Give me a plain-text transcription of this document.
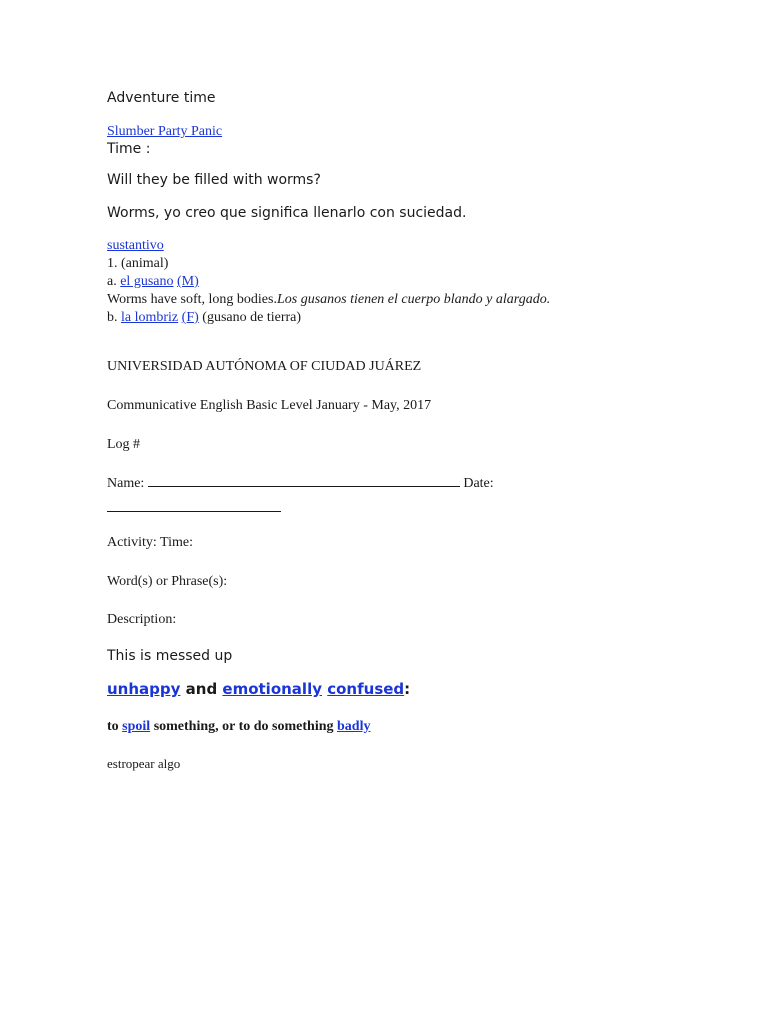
Adventure time
Slumber Party Panic
Time :
Will they be filled with worms?
Worms, yo creo que significa llenarlo con suciedad.
sustantivo
1. (animal)
a. el gusano (M)
Worms have soft, long bodies.Los gusanos tienen el cuerpo blando y alargado.
b. la lombriz (F) (gusano de tierra)
UNIVERSIDAD AUTÓNOMA OF CIUDAD JUÁREZ
Communicative English Basic Level January - May, 2017
Log #
Name:	Date:
Activity: Time:
Word(s) or Phrase(s):
Description:
This is messed up
unhappy and emotionally confused:
to spoil something, or to do something badly
estropear algo
